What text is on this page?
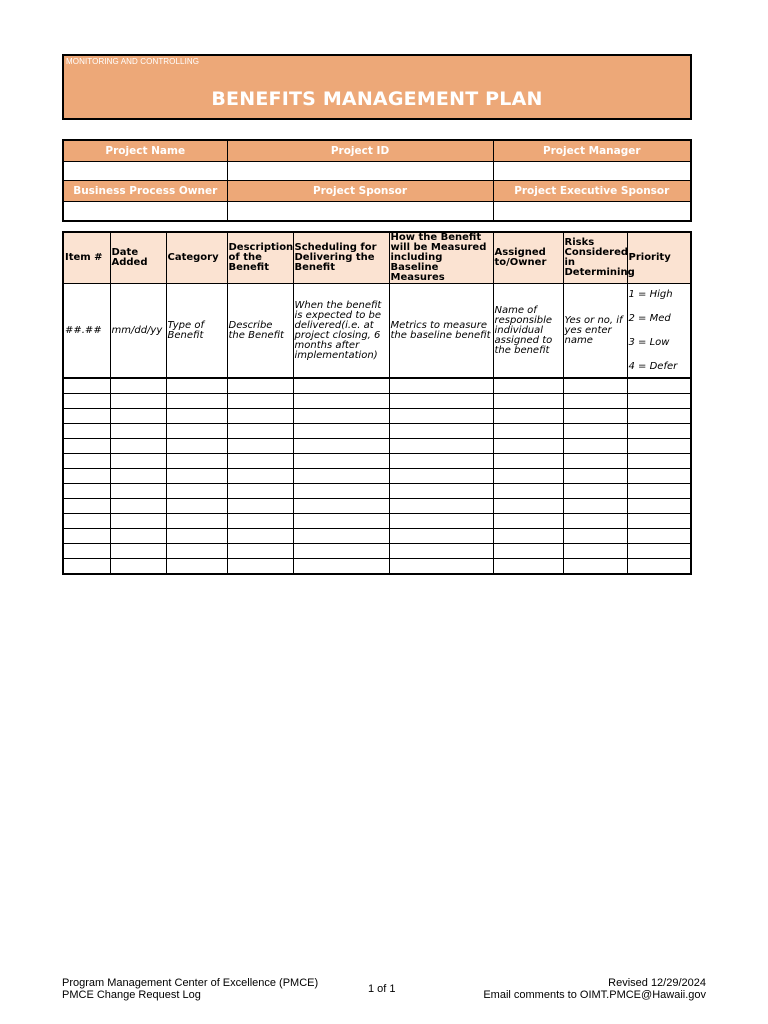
MONITORING AND CONTROLLING
BENEFITS MANAGEMENT PLAN
Project Name	Project ID	Project Manager

Business Process Owner	Project Sponsor	Project Executive Sponsor

Item #	Date Added	Category	Description of the Benefit	Scheduling for Delivering the Benefit	How the Benefit will be Measured including Baseline Measures	Assigned to/Owner	Risks Considered in Determining	Priority
##.##	mm/dd/yy	Type of Benefit	Describe the Benefit	When the benefit is expected to be delivered(i.e. at project closing, 6 months after implementation)	Metrics to measure the baseline benefit	Name of responsible individual assigned to the benefit	Yes or no, if yes enter name	1 = High
2 = Med
3 = Low
4 = Defer

Program Management Center of Excellence (PMCE)
PMCE Change Request Log	1 of 1	Revised 12/29/2024
Email comments to OIMT.PMCE@Hawaii.gov
